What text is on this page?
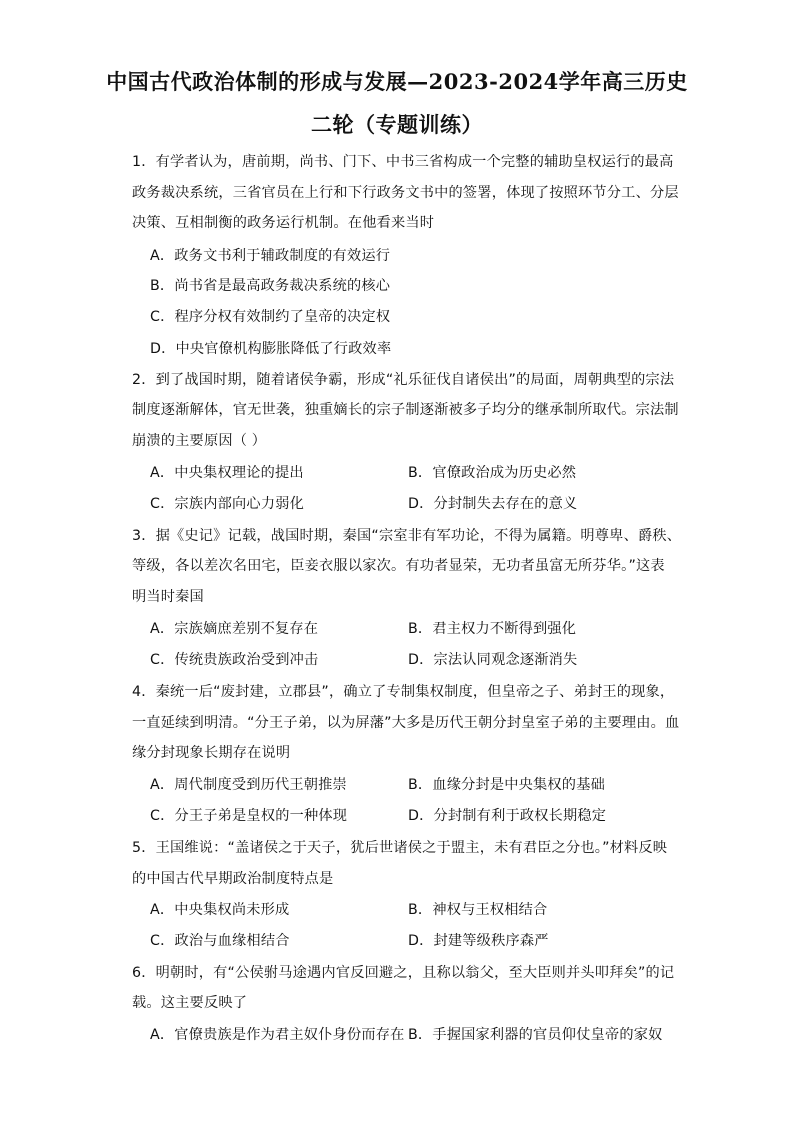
中国古代政治体制的形成与发展—2023-2024学年高三历史
二轮（专题训练）
1．有学者认为，唐前期，尚书、门下、中书三省构成一个完整的辅助皇权运行的最高
政务裁决系统，三省官员在上行和下行政务文书中的签署，体现了按照环节分工、分层
决策、互相制衡的政务运行机制。在他看来当时
A．政务文书利于辅政制度的有效运行
B．尚书省是最高政务裁决系统的核心
C．程序分权有效制约了皇帝的决定权
D．中央官僚机构膨胀降低了行政效率
2．到了战国时期，随着诸侯争霸，形成“礼乐征伐自诸侯出”的局面，周朝典型的宗法
制度逐渐解体，官无世袭，独重嫡长的宗子制逐渐被多子均分的继承制所取代。宗法制
崩溃的主要原因（ ）
A．中央集权理论的提出	B．官僚政治成为历史必然
C．宗族内部向心力弱化	D．分封制失去存在的意义
3．据《史记》记载，战国时期，秦国“宗室非有军功论，不得为属籍。明尊卑、爵秩、
等级，各以差次名田宅，臣妾衣服以家次。有功者显荣，无功者虽富无所芬华。”这表
明当时秦国
A．宗族嫡庶差别不复存在	B．君主权力不断得到强化
C．传统贵族政治受到冲击	D．宗法认同观念逐渐消失
4．秦统一后“废封建，立郡县”，确立了专制集权制度，但皇帝之子、弟封王的现象，
一直延续到明清。“分王子弟，以为屏藩”大多是历代王朝分封皇室子弟的主要理由。血
缘分封现象长期存在说明
A．周代制度受到历代王朝推崇	B．血缘分封是中央集权的基础
C．分王子弟是皇权的一种体现	D．分封制有利于政权长期稳定
5．王国维说：“盖诸侯之于天子，犹后世诸侯之于盟主，未有君臣之分也。”材料反映
的中国古代早期政治制度特点是
A．中央集权尚未形成	B．神权与王权相结合
C．政治与血缘相结合	D．封建等级秩序森严
6．明朝时，有“公侯驸马途遇内官反回避之，且称以翁父，至大臣则并头叩拜矣”的记
载。这主要反映了
A．官僚贵族是作为君主奴仆身份而存在 B．手握国家利器的官员仰仗皇帝的家奴
